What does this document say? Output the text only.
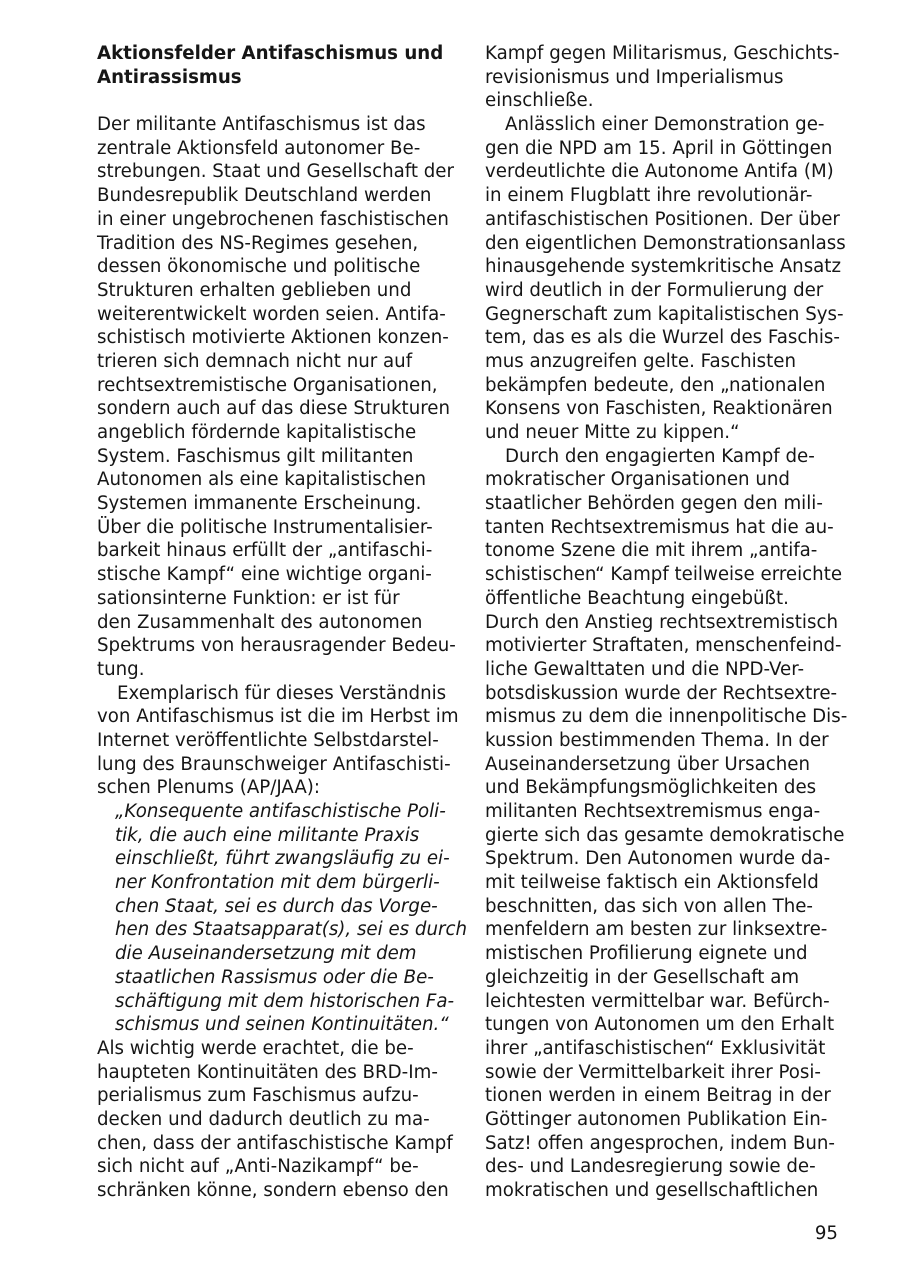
Aktionsfelder Antifaschismus und
Antirassismus
Der militante Antifaschismus ist das
zentrale Aktionsfeld autonomer Be-
strebungen. Staat und Gesellschaft der
Bundesrepublik Deutschland werden
in einer ungebrochenen faschistischen
Tradition des NS-Regimes gesehen,
dessen ökonomische und politische
Strukturen erhalten geblieben und
weiterentwickelt worden seien. Antifa-
schistisch motivierte Aktionen konzen-
trieren sich demnach nicht nur auf
rechtsextremistische Organisationen,
sondern auch auf das diese Strukturen
angeblich fördernde kapitalistische
System. Faschismus gilt militanten
Autonomen als eine kapitalistischen
Systemen immanente Erscheinung.
Über die politische Instrumentalisier-
barkeit hinaus erfüllt der „antifaschi-
stische Kampf“ eine wichtige organi-
sationsinterne Funktion: er ist für
den Zusammenhalt des autonomen
Spektrums von herausragender Bedeu-
tung.
Exemplarisch für dieses Verständnis
von Antifaschismus ist die im Herbst im
Internet veröffentlichte Selbstdarstel-
lung des Braunschweiger Antifaschisti-
schen Plenums (AP/JAA):
„Konsequente antifaschistische Poli-
tik, die auch eine militante Praxis
einschließt, führt zwangsläufig zu ei-
ner Konfrontation mit dem bürgerli-
chen Staat, sei es durch das Vorge-
hen des Staatsapparat(s), sei es durch
die Auseinandersetzung mit dem
staatlichen Rassismus oder die Be-
schäftigung mit dem historischen Fa-
schismus und seinen Kontinuitäten.“
Als wichtig werde erachtet, die be-
haupteten Kontinuitäten des BRD-Im-
perialismus zum Faschismus aufzu-
decken und dadurch deutlich zu ma-
chen, dass der antifaschistische Kampf
sich nicht auf „Anti-Nazikampf“ be-
schränken könne, sondern ebenso den
Kampf gegen Militarismus, Geschichts-
revisionismus und Imperialismus
einschließe.
Anlässlich einer Demonstration ge-
gen die NPD am 15. April in Göttingen
verdeutlichte die Autonome Antifa (M)
in einem Flugblatt ihre revolutionär-
antifaschistischen Positionen. Der über
den eigentlichen Demonstrationsanlass
hinausgehende systemkritische Ansatz
wird deutlich in der Formulierung der
Gegnerschaft zum kapitalistischen Sys-
tem, das es als die Wurzel des Faschis-
mus anzugreifen gelte. Faschisten
bekämpfen bedeute, den „nationalen
Konsens von Faschisten, Reaktionären
und neuer Mitte zu kippen.“
Durch den engagierten Kampf de-
mokratischer Organisationen und
staatlicher Behörden gegen den mili-
tanten Rechtsextremismus hat die au-
tonome Szene die mit ihrem „antifa-
schistischen“ Kampf teilweise erreichte
öffentliche Beachtung eingebüßt.
Durch den Anstieg rechtsextremistisch
motivierter Straftaten, menschenfeind-
liche Gewalttaten und die NPD-Ver-
botsdiskussion wurde der Rechtsextre-
mismus zu dem die innenpolitische Dis-
kussion bestimmenden Thema. In der
Auseinandersetzung über Ursachen
und Bekämpfungsmöglichkeiten des
militanten Rechtsextremismus enga-
gierte sich das gesamte demokratische
Spektrum. Den Autonomen wurde da-
mit teilweise faktisch ein Aktionsfeld
beschnitten, das sich von allen The-
menfeldern am besten zur linksextre-
mistischen Profilierung eignete und
gleichzeitig in der Gesellschaft am
leichtesten vermittelbar war. Befürch-
tungen von Autonomen um den Erhalt
ihrer „antifaschistischen“ Exklusivität
sowie der Vermittelbarkeit ihrer Posi-
tionen werden in einem Beitrag in der
Göttinger autonomen Publikation Ein-
Satz! offen angesprochen, indem Bun-
des- und Landesregierung sowie de-
mokratischen und gesellschaftlichen
95
